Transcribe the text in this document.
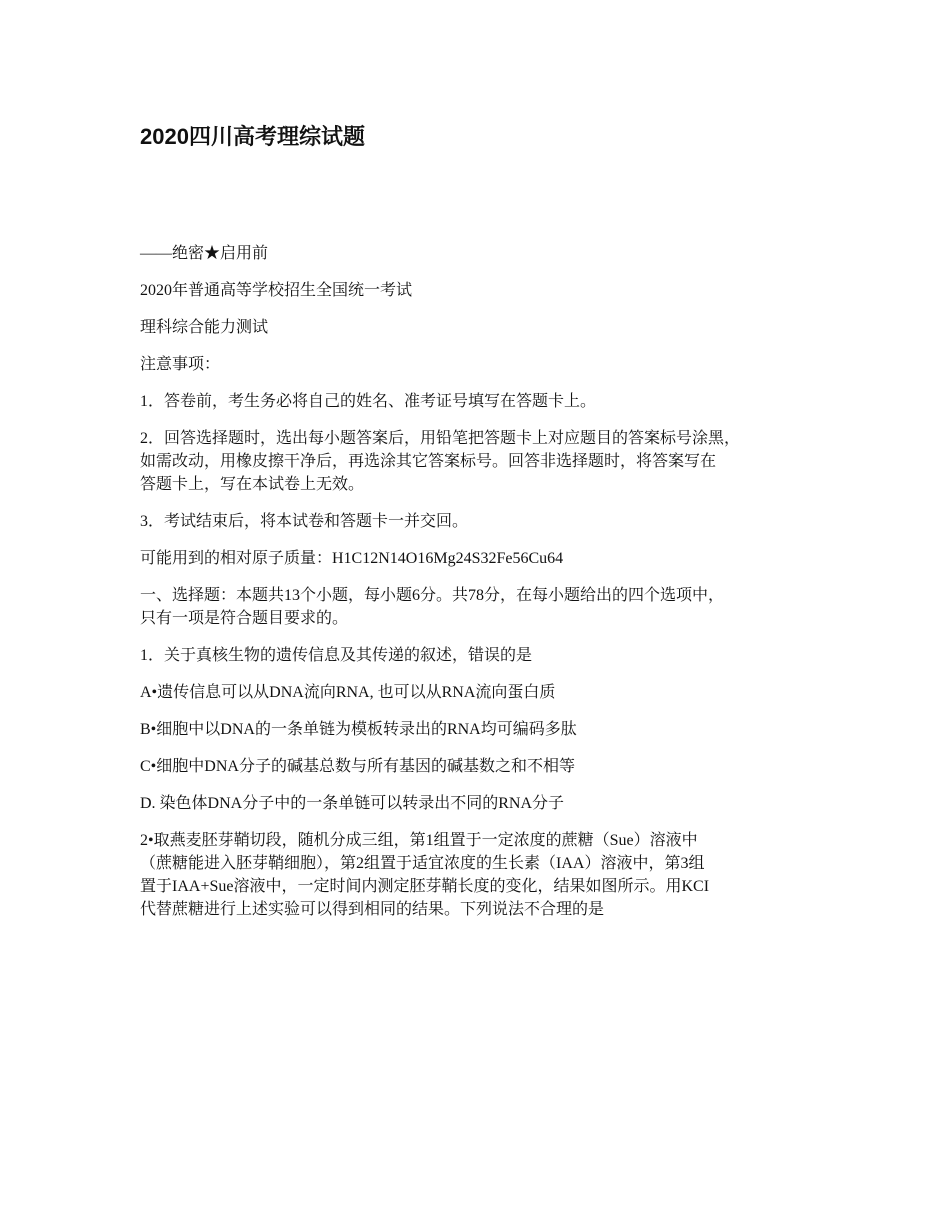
2020四川高考理综试题

——绝密★启用前

2020年普通高等学校招生全国统一考试

理科综合能力测试

注意事项：

1．答卷前，考生务必将自己的姓名、准考证号填写在答题卡上。

2．回答选择题时，选出每小题答案后，用铅笔把答题卡上对应题目的答案标号涂黑，
如需改动，用橡皮擦干净后，再选涂其它答案标号。回答非选择题时，将答案写在
答题卡上，写在本试卷上无效。

3．考试结束后，将本试卷和答题卡一并交回。

可能用到的相对原子质量：H1C12N14O16Mg24S32Fe56Cu64

一、选择题：本题共13个小题，每小题6分。共78分，在每小题给出的四个选项中，
只有一项是符合题目要求的。

1．关于真核生物的遗传信息及其传递的叙述，错误的是

A•遗传信息可以从DNA流向RNA, 也可以从RNA流向蛋白质

B•细胞中以DNA的一条单链为模板转录出的RNA均可编码多肽

C•细胞中DNA分子的碱基总数与所有基因的碱基数之和不相等

D. 染色体DNA分子中的一条单链可以转录出不同的RNA分子

2•取燕麦胚芽鞘切段，随机分成三组，第1组置于一定浓度的蔗糖（Sue）溶液中
（蔗糖能进入胚芽鞘细胞），第2组置于适宜浓度的生长素（IAA）溶液中，第3组
置于IAA+Sue溶液中，一定时间内测定胚芽鞘长度的变化，结果如图所示。用KCI
代替蔗糖进行上述实验可以得到相同的结果。下列说法不合理的是
